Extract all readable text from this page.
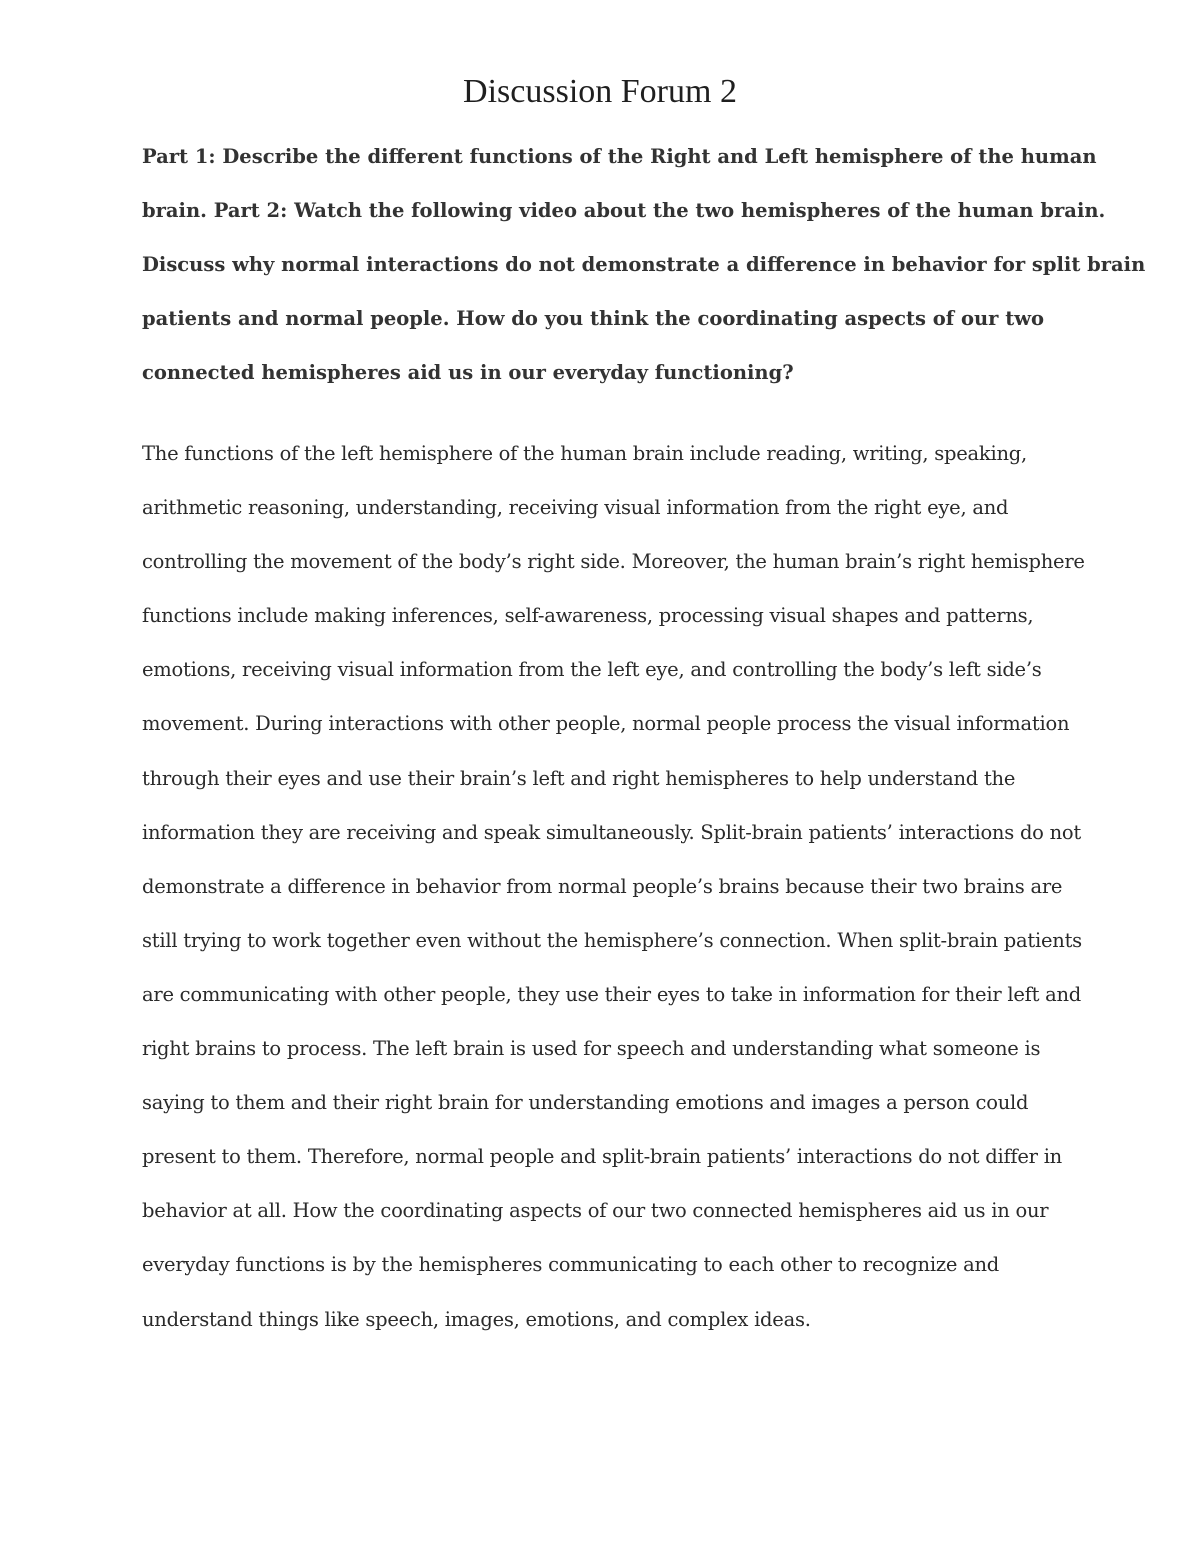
Discussion Forum 2

Part 1: Describe the different functions of the Right and Left hemisphere of the human
brain. Part 2: Watch the following video about the two hemispheres of the human brain.
Discuss why normal interactions do not demonstrate a difference in behavior for split brain
patients and normal people. How do you think the coordinating aspects of our two
connected hemispheres aid us in our everyday functioning?

The functions of the left hemisphere of the human brain include reading, writing, speaking,
arithmetic reasoning, understanding, receiving visual information from the right eye, and
controlling the movement of the body’s right side. Moreover, the human brain’s right hemisphere
functions include making inferences, self-awareness, processing visual shapes and patterns,
emotions, receiving visual information from the left eye, and controlling the body’s left side’s
movement. During interactions with other people, normal people process the visual information
through their eyes and use their brain’s left and right hemispheres to help understand the
information they are receiving and speak simultaneously. Split-brain patients’ interactions do not
demonstrate a difference in behavior from normal people’s brains because their two brains are
still trying to work together even without the hemisphere’s connection. When split-brain patients
are communicating with other people, they use their eyes to take in information for their left and
right brains to process. The left brain is used for speech and understanding what someone is
saying to them and their right brain for understanding emotions and images a person could
present to them. Therefore, normal people and split-brain patients’ interactions do not differ in
behavior at all. How the coordinating aspects of our two connected hemispheres aid us in our
everyday functions is by the hemispheres communicating to each other to recognize and
understand things like speech, images, emotions, and complex ideas.
